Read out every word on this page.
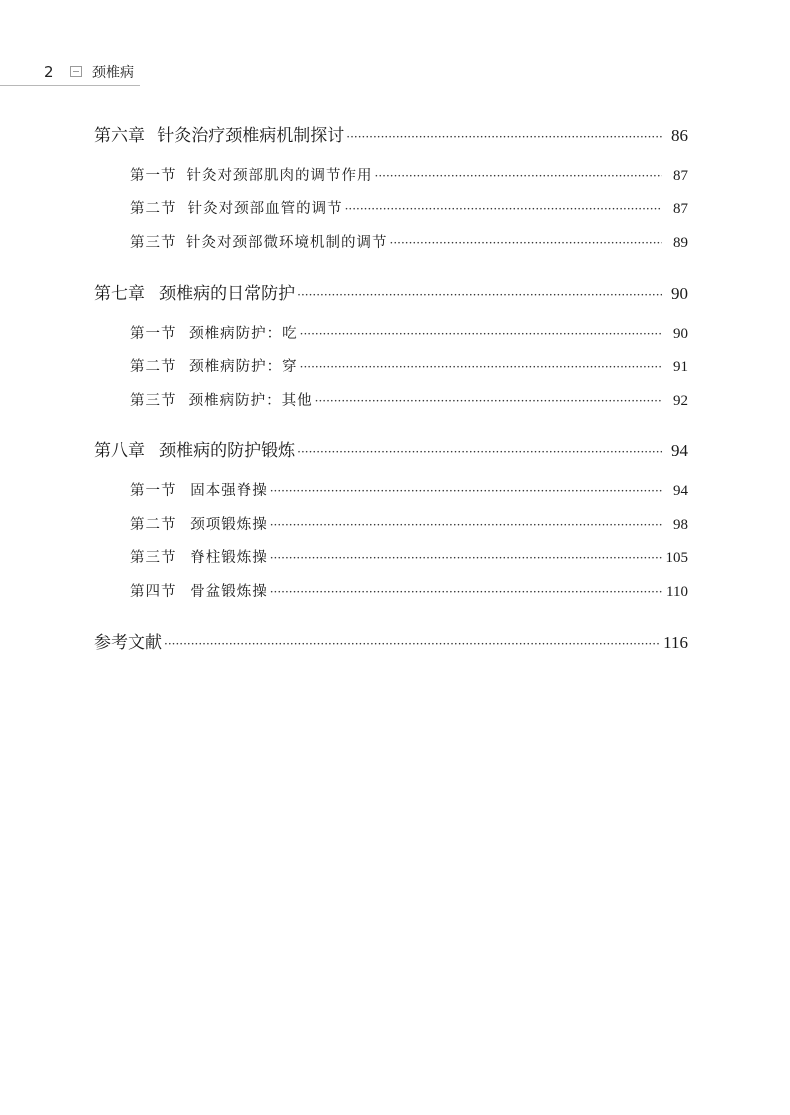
2	颈椎病
第六章 针灸治疗颈椎病机制探讨 ·····	86
第一节 针灸对颈部肌肉的调节作用 ·····	87
第二节 针灸对颈部血管的调节 ·····	87
第三节 针灸对颈部微环境机制的调节 ·····	89
第七章 颈椎病的日常防护 ·····	90
第一节 颈椎病防护：吃 ·····	90
第二节 颈椎病防护：穿 ·····	91
第三节 颈椎病防护：其他 ·····	92
第八章 颈椎病的防护锻炼 ·····	94
第一节 固本强脊操 ·····	94
第二节 颈项锻炼操 ·····	98
第三节 脊柱锻炼操 ·····	105
第四节 骨盆锻炼操 ·····	110
参考文献 ·····	116
